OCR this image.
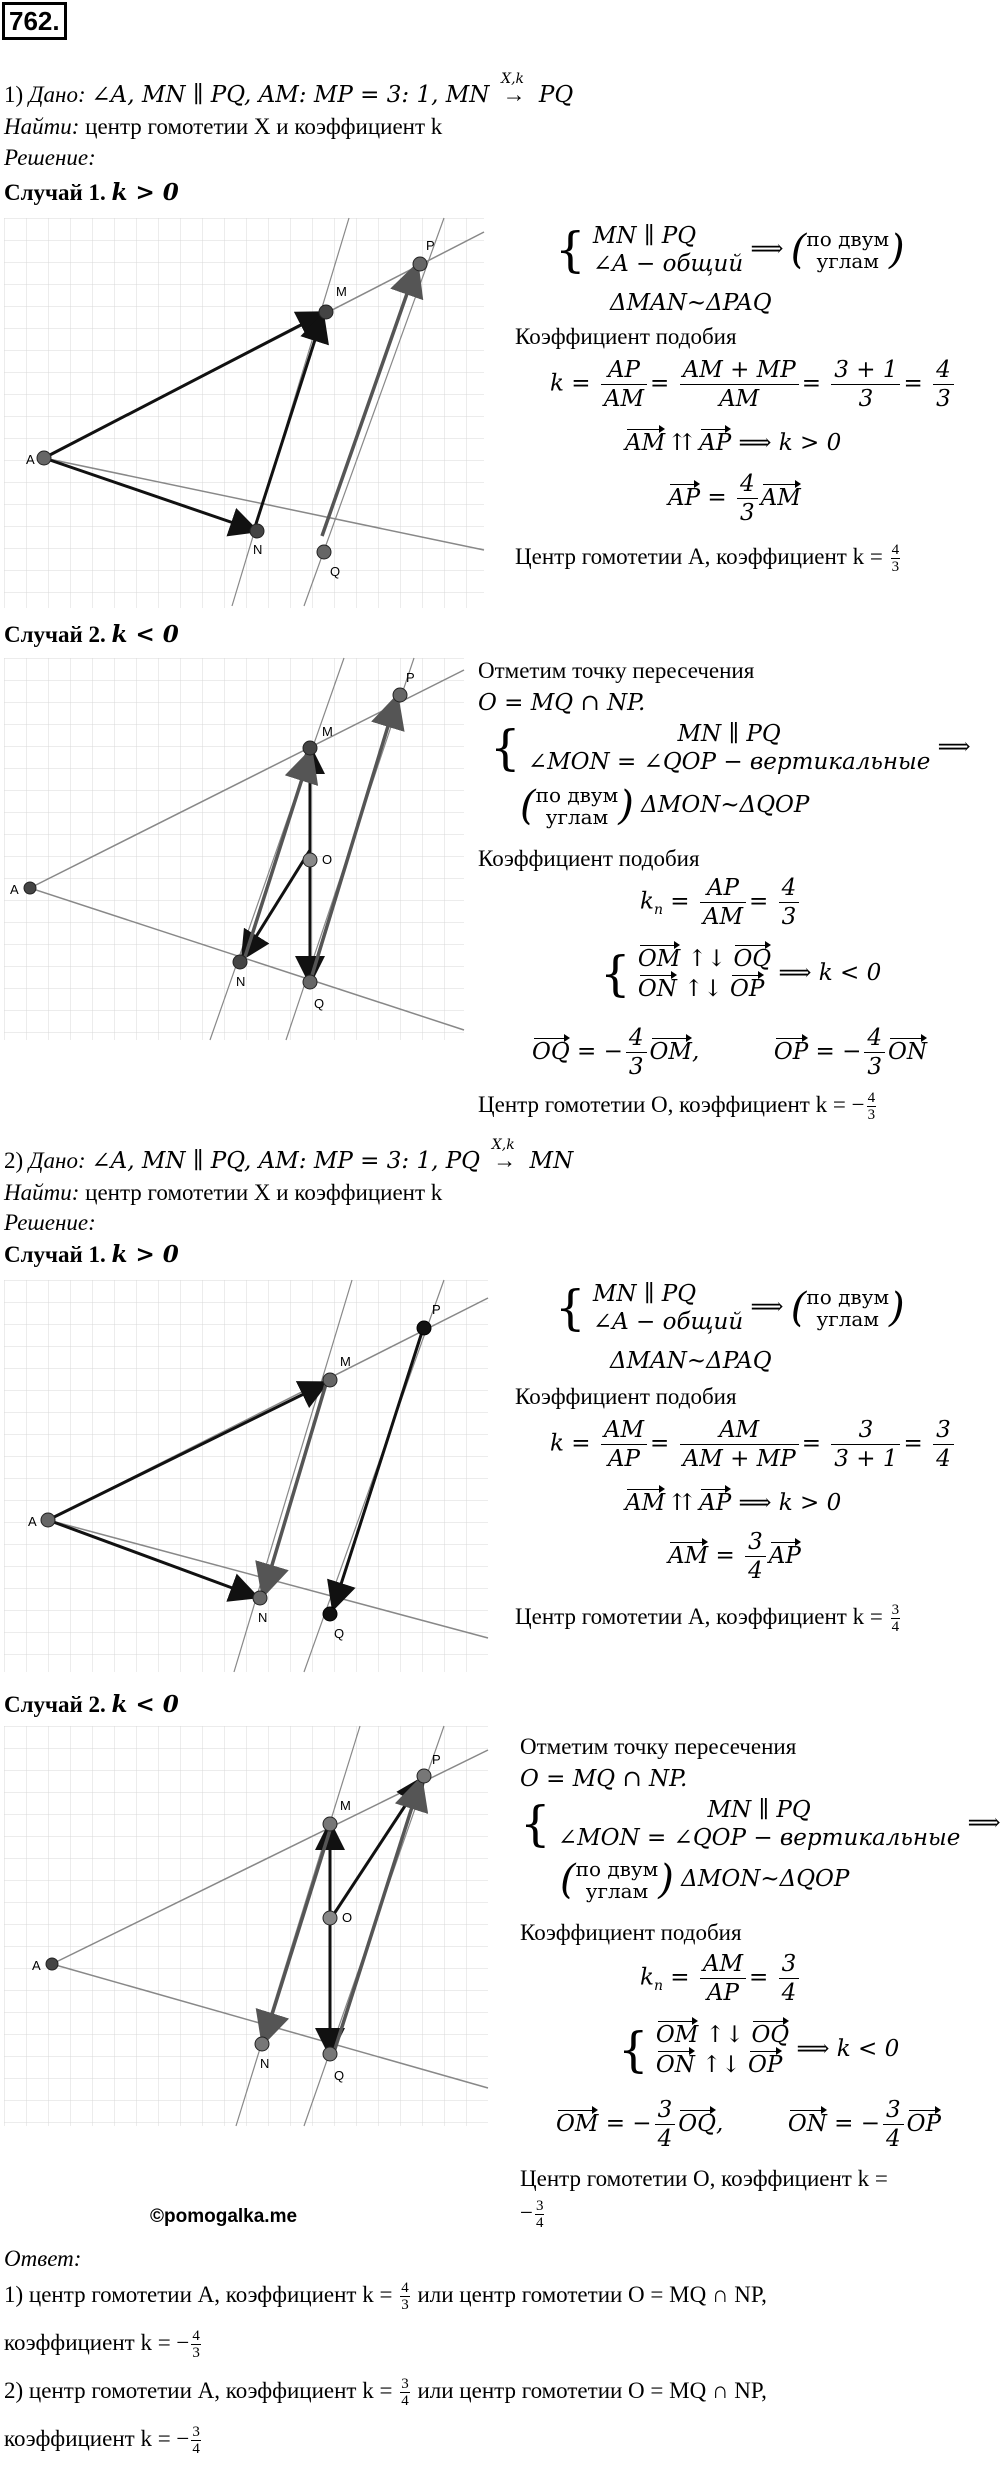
762.
1) Дано: ∠A, MN ∥ PQ, AM: MP = 3: 1, MN
X,k
→ PQ
Найти: центр гомотетии X и коэффициент k
Решение:
Случай 1. k > 0
A
M
N
P
Q
{ MN ∥ PQ
∠A − общий
⟹ ( по двум
углам )
ΔMAN~ΔPAQ
Коэффициент подобия
$k = \frac{AP}{AM} = \frac{AM + MP}{AM} = \frac{3 + 1}{3} = \frac{4}{3}$
AM ⇈ AP ⟹ k > 0
AP = $\frac{4}{3}$ AM
Центр гомотетии A, коэффициент $k = \frac{4}{3}$
Случай 2. k < 0
A
M
N
P
Q
O
Отметим точку пересечения
O = MQ ∩ NP.
{	MN ∥ PQ
∠MON = ∠QOP − вертикальные
⟹
( по двум
углам ) ΔMON~ΔQOP
Коэффициент подобия
$k_п = \frac{AP}{AM} = \frac{4}{3}$
{ OM ↑↓ OQ
ON ↑↓ OP
⟹ k < 0
OQ = − $\frac{4}{3}$ OM,	OP = − $\frac{4}{3}$ ON
Центр гомотетии O, коэффициент k = − $\frac{4}{3}$
2) Дано: ∠A, MN ∥ PQ, AM: MP = 3: 1, PQ
X,k
→ MN
Найти: центр гомотетии X и коэффициент k
Решение:
Случай 1. k > 0
A
M
N
P
Q
{ MN ∥ PQ
∠A − общий
⟹ ( по двум
углам )
ΔMAN~ΔPAQ
Коэффициент подобия
$k = \frac{AM}{AP} = \frac{AM}{AM + MP} = \frac{3}{3 + 1} = \frac{3}{4}$
AM ⇈ AP ⟹ k > 0
AM = $\frac{3}{4}$ AP
Центр гомотетии A, коэффициент $k = \frac{3}{4}$
Случай 2. k < 0
A
M
N
P
Q
O
Отметим точку пересечения
O = MQ ∩ NP.
{	MN ∥ PQ
∠MON = ∠QOP − вертикальные
⟹
( по двум
углам ) ΔMON~ΔQOP
Коэффициент подобия
$k_п = \frac{AM}{AP} = \frac{3}{4}$
{ OM ↑↓ OQ
ON ↑↓ OP
⟹ k < 0
OM = − $\frac{3}{4}$ OQ,  ON = − $\frac{3}{4}$ OP
Центр гомотетии O, коэффициент k =
− $\frac{3}{4}$
©pomogalka.me
Ответ:
1) центр гомотетии A, коэффициент $k = \frac{4}{3}$ или центр гомотетии O = MQ ∩ NP,
коэффициент k = − $\frac{4}{3}$
2) центр гомотетии A, коэффициент $k = \frac{3}{4}$ или центр гомотетии O = MQ ∩ NP,
коэффициент k = − $\frac{3}{4}$
